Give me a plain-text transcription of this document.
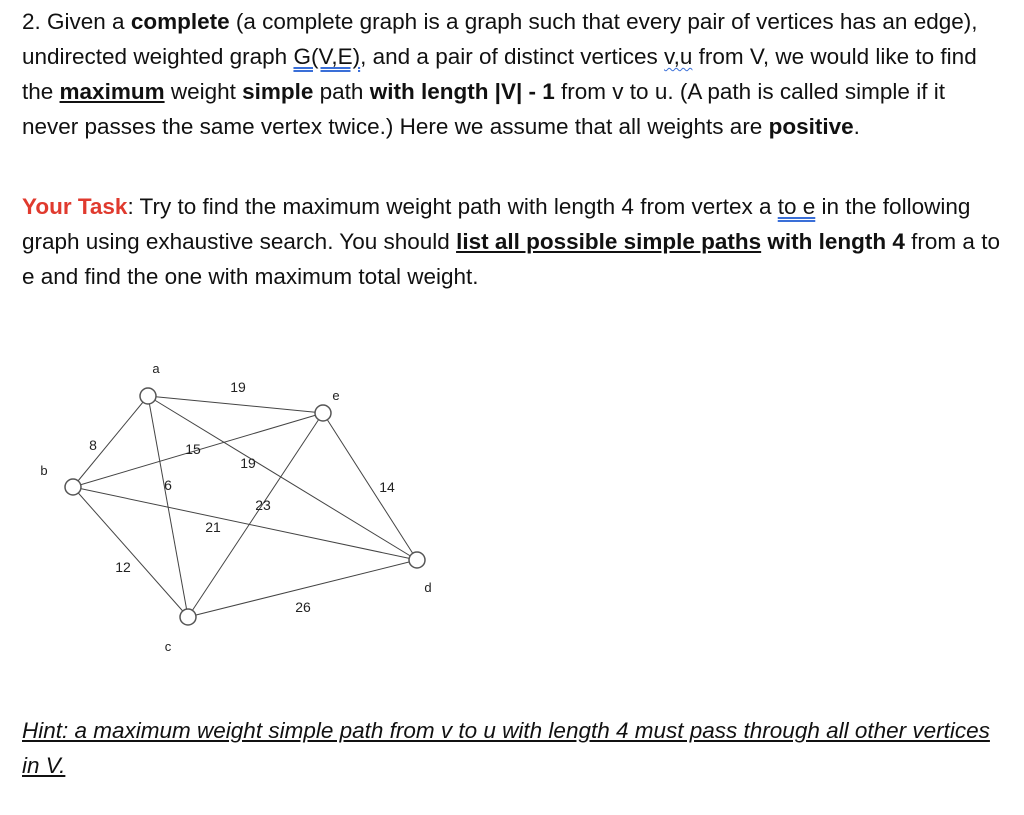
2. Given a complete (a complete graph is a graph such that every pair of vertices has an edge), undirected weighted graph G(V,E), and a pair of distinct vertices v,u from V, we would like to find the maximum weight simple path with length |V| - 1 from v to u. (A path is called simple if it never passes the same vertex twice.) Here we assume that all weights are positive.

Your Task: Try to find the maximum weight path with length 4 from vertex a to e in the following graph using exhaustive search. You should list all possible simple paths with length 4 from a to e and find the one with maximum total weight.

19
8
6
19
15
21
12
23
26
14
a
b
c
d
e
Hint: a maximum weight simple path from v to u with length 4 must pass through all other vertices in V.
